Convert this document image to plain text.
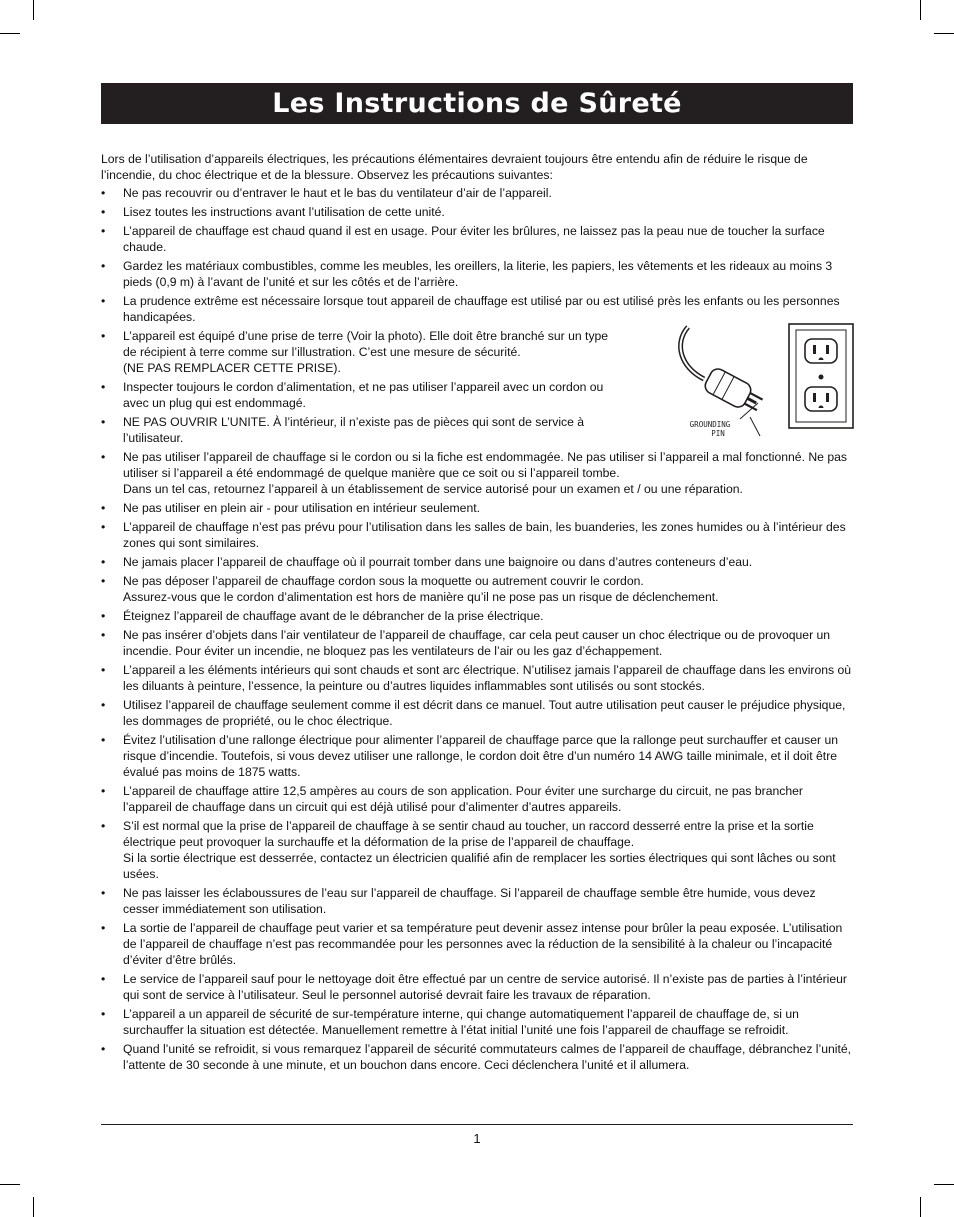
Les Instructions de Sûreté

Lors de l’utilisation d’appareils électriques, les précautions élémentaires devraient toujours être entendu afin de réduire le risque de l’incendie, du choc électrique et de la blessure. Observez les précautions suivantes:

• Ne pas recouvrir ou d’entraver le haut et le bas du ventilateur d’air de l’appareil.
• Lisez toutes les instructions avant l’utilisation de cette unité.
• L’appareil de chauffage est chaud quand il est en usage. Pour éviter les brûlures, ne laissez pas la peau nue de toucher la surface chaude.
• Gardez les matériaux combustibles, comme les meubles, les oreillers, la literie, les papiers, les vêtements et les rideaux au moins 3 pieds (0,9 m) à l’avant de l’unité et sur les côtés et de l’arrière.
• La prudence extrême est nécessaire lorsque tout appareil de chauffage est utilisé par ou est utilisé près les enfants ou les personnes handicapées.
• L’appareil est équipé d’une prise de terre (Voir la photo). Elle doit être branché sur un type de récipient à terre comme sur l’illustration. C’est une mesure de sécurité.
(NE PAS REMPLACER CETTE PRISE).
• Inspecter toujours le cordon d’alimentation, et ne pas utiliser l’appareil avec un cordon ou avec un plug qui est endommagé.
• NE PAS OUVRIR L’UNITE. À l’intérieur, il n’existe pas de pièces qui sont de service à l’utilisateur.
• Ne pas utiliser l’appareil de chauffage si le cordon ou si la fiche est endommagée. Ne pas utiliser si l’appareil a mal fonctionné. Ne pas utiliser si l’appareil a été endommagé de quelque manière que ce soit ou si l’appareil tombe.
Dans un tel cas, retournez l’appareil à un établissement de service autorisé pour un examen et / ou une réparation.
• Ne pas utiliser en plein air - pour utilisation en intérieur seulement.
• L’appareil de chauffage n’est pas prévu pour l’utilisation dans les salles de bain, les buanderies, les zones humides ou à l’intérieur des zones qui sont similaires.
• Ne jamais placer l’appareil de chauffage où il pourrait tomber dans une baignoire ou dans d’autres conteneurs d’eau.
• Ne pas déposer l’appareil de chauffage cordon sous la moquette ou autrement couvrir le cordon.
Assurez-vous que le cordon d’alimentation est hors de manière qu’il ne pose pas un risque de déclenchement.
• Éteignez l’appareil de chauffage avant de le débrancher de la prise électrique.
• Ne pas insérer d’objets dans l’air ventilateur de l’appareil de chauffage, car cela peut causer un choc électrique ou de provoquer un incendie. Pour éviter un incendie, ne bloquez pas les ventilateurs de l’air ou les gaz d’échappement.
• L’appareil a les éléments intérieurs qui sont chauds et sont arc électrique. N’utilisez jamais l’appareil de chauffage dans les environs où les diluants à peinture, l’essence, la peinture ou d’autres liquides inflammables sont utilisés ou sont stockés.
• Utilisez l’appareil de chauffage seulement comme il est décrit dans ce manuel. Tout autre utilisation peut causer le préjudice physique, les dommages de propriété, ou le choc électrique.
• Évitez l’utilisation d’une rallonge électrique pour alimenter l’appareil de chauffage parce que la rallonge peut surchauffer et causer un risque d’incendie. Toutefois, si vous devez utiliser une rallonge, le cordon doit être d’un numéro 14 AWG taille minimale, et il doit être évalué pas moins de 1875 watts.
• L’appareil de chauffage attire 12,5 ampères au cours de son application. Pour éviter une surcharge du circuit, ne pas brancher l’appareil de chauffage dans un circuit qui est déjà utilisé pour d’alimenter d’autres appareils.
• S’il est normal que la prise de l’appareil de chauffage à se sentir chaud au toucher, un raccord desserré entre la prise et la sortie électrique peut provoquer la surchauffe et la déformation de la prise de l’appareil de chauffage.
Si la sortie électrique est desserrée, contactez un électricien qualifié afin de remplacer les sorties électriques qui sont lâches ou sont usées.
• Ne pas laisser les éclaboussures de l’eau sur l’appareil de chauffage. Si l’appareil de chauffage semble être humide, vous devez cesser immédiatement son utilisation.
• La sortie de l’appareil de chauffage peut varier et sa température peut devenir assez intense pour brûler la peau exposée. L’utilisation de l’appareil de chauffage n’est pas recommandée pour les personnes avec la réduction de la sensibilité à la chaleur ou l’incapacité d’éviter d’être brûlés.
• Le service de l’appareil sauf pour le nettoyage doit être effectué par un centre de service autorisé. Il n’existe pas de parties à l’intérieur qui sont de service à l’utilisateur. Seul le personnel autorisé devrait faire les travaux de réparation.
• L’appareil a un appareil de sécurité de sur-température interne, qui change automatiquement l’appareil de chauffage de, si un surchauffer la situation est détectée. Manuellement remettre à l’état initial l’unité une fois l’appareil de chauffage se refroidit.
• Quand l’unité se refroidit, si vous remarquez l’appareil de sécurité commutateurs calmes de l’appareil de chauffage, débranchez l’unité, l’attente de 30 seconde à une minute, et un bouchon dans encore. Ceci déclenchera l’unité et il allumera.
GROUNDING
PIN
1
